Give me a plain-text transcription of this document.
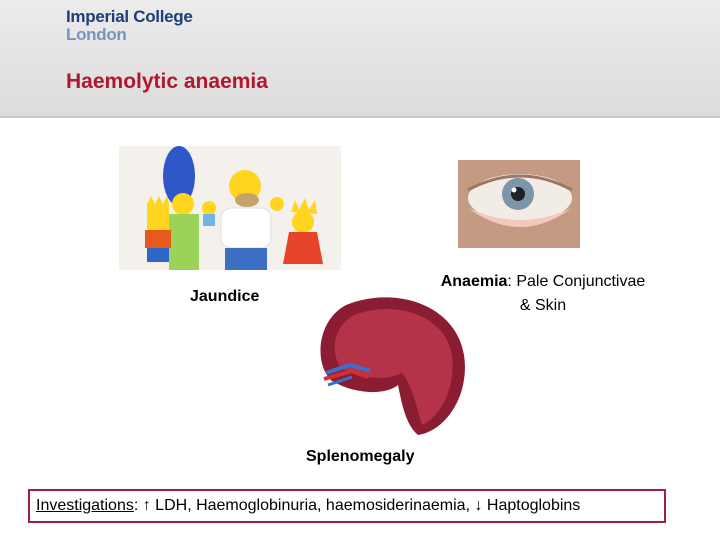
Imperial College
London
Haemolytic anaemia
Jaundice
Anaemia: Pale Conjunctivae
& Skin
Splenomegaly
Investigations: ↑ LDH, Haemoglobinuria, haemosiderinaemia, ↓ Haptoglobins
